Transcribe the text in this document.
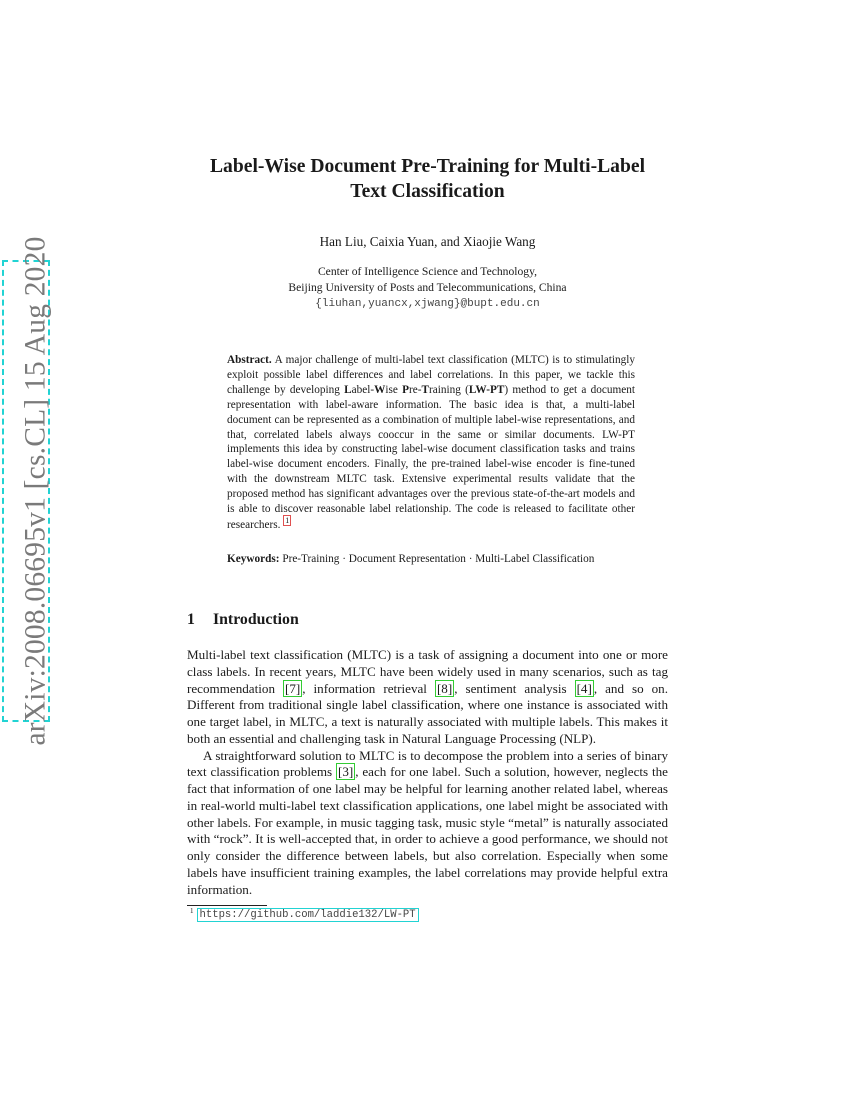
arXiv:2008.06695v1 [cs.CL] 15 Aug 2020
Label-Wise Document Pre-Training for Multi-Label
Text Classification
Han Liu, Caixia Yuan, and Xiaojie Wang
Center of Intelligence Science and Technology,
Beijing University of Posts and Telecommunications, China
{liuhan,yuancx,xjwang}@bupt.edu.cn
Abstract. A major challenge of multi-label text classification (MLTC) is to stimulatingly exploit possible label differences and label correlations. In this paper, we tackle this challenge by developing Label-Wise Pre-Training (LW-PT) method to get a document representation with label-aware information. The basic idea is that, a multi-label document can be represented as a combination of multiple label-wise representations, and that, correlated labels always cooccur in the same or similar documents. LW-PT implements this idea by constructing label-wise document classification tasks and trains label-wise document encoders. Finally, the pre-trained label-wise encoder is fine-tuned with the downstream MLTC task. Extensive experimental results validate that the proposed method has significant advantages over the previous state-of-the-art models and is able to discover reasonable label relationship. The code is released to facilitate other researchers. $^1$
Keywords: Pre-Training · Document Representation · Multi-Label Classification
1 Introduction

Multi-label text classification (MLTC) is a task of assigning a document into one or more class labels. In recent years, MLTC have been widely used in many scenarios, such as tag recommendation [7] , information retrieval [8] , sentiment analysis [4] , and so on. Different from traditional single label classification, where one instance is associated with one target label, in MLTC, a text is naturally associated with multiple labels. This makes it both an essential and challenging task in Natural Language Processing (NLP).

A straightforward solution to MLTC is to decompose the problem into a series of binary text classification problems [3] , each for one label. Such a solution, however, neglects the fact that information of one label may be helpful for learning another related label, whereas in real-world multi-label text classification applications, one label might be associated with other labels. For example, in music tagging task, music style “metal” is naturally associated with “rock”. It is well-accepted that, in order to achieve a good performance, we should not only consider the difference between labels, but also correlation. Especially when some labels have insufficient training examples, the label correlations may provide helpful extra information.

$^1$ https://github.com/laddie132/LW-PT
